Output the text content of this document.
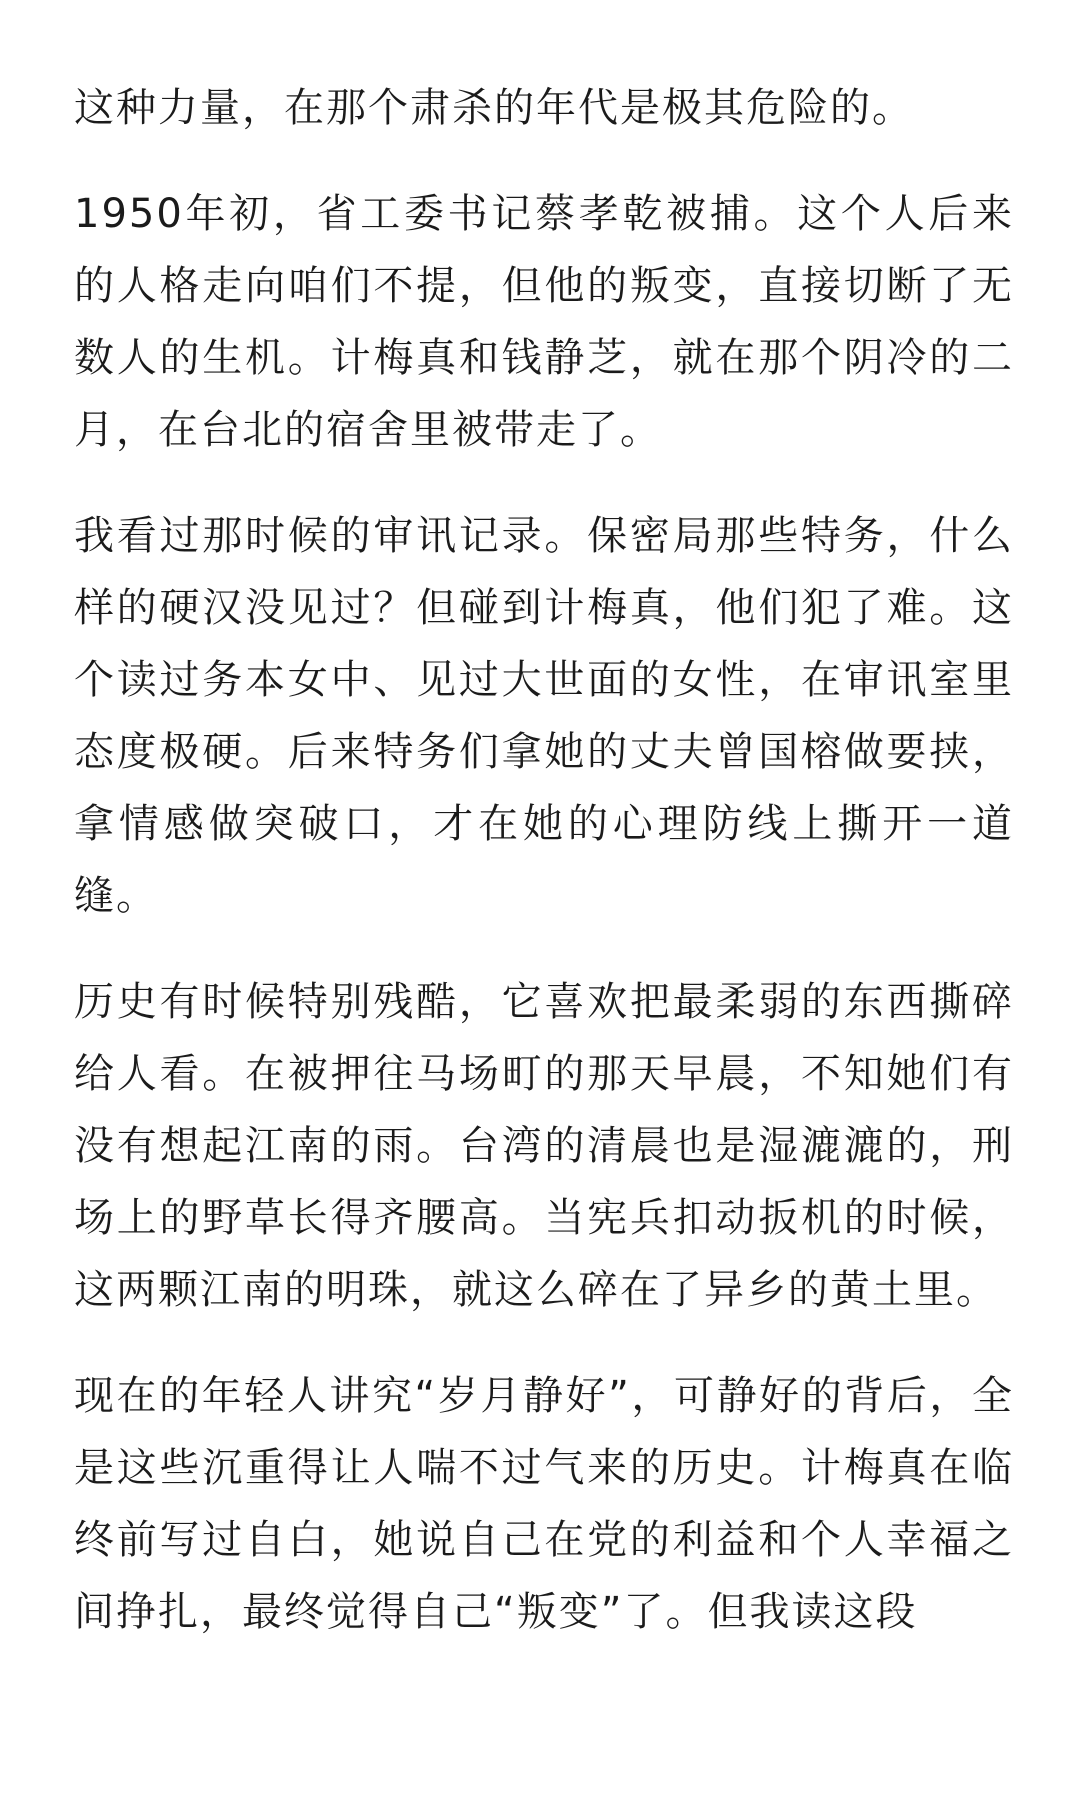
这种力量，在那个肃杀的年代是极其危险的。

1950年初，省工委书记蔡孝乾被捕。这个人后来的人格走向咱们不提，但他的叛变，直接切断了无数人的生机。计梅真和钱静芝，就在那个阴冷的二月，在台北的宿舍里被带走了。

我看过那时候的审讯记录。保密局那些特务，什么样的硬汉没见过？但碰到计梅真，他们犯了难。这个读过务本女中、见过大世面的女性，在审讯室里态度极硬。后来特务们拿她的丈夫曾国榕做要挟，拿情感做突破口，才在她的心理防线上撕开一道缝。

历史有时候特别残酷，它喜欢把最柔弱的东西撕碎给人看。在被押往马场町的那天早晨，不知她们有没有想起江南的雨。台湾的清晨也是湿漉漉的，刑场上的野草长得齐腰高。当宪兵扣动扳机的时候，这两颗江南的明珠，就这么碎在了异乡的黄土里。

现在的年轻人讲究“岁月静好”，可静好的背后，全是这些沉重得让人喘不过气来的历史。计梅真在临终前写过自白，她说自己在党的利益和个人幸福之间挣扎，最终觉得自己“叛变”了。但我读这段
